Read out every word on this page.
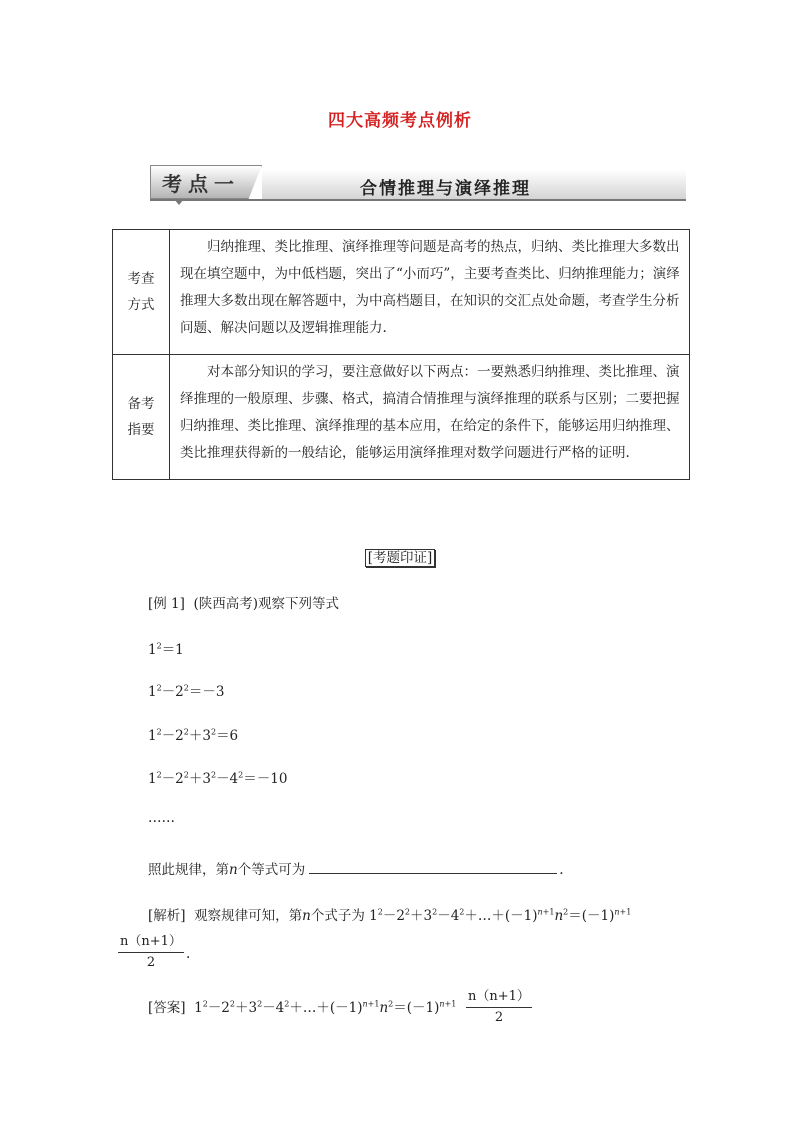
四大高频考点例析
考点一	合情推理与演绎推理
考查
方式	归纳推理、类比推理、演绎推理等问题是高考的热点，归纳、类比推理大多数出现在填空题中，为中低档题，突出了“小而巧”，主要考查类比、归纳推理能力；演绎推理大多数出现在解答题中，为中高档题目，在知识的交汇点处命题，考查学生分析问题、解决问题以及逻辑推理能力.
备考
指要	对本部分知识的学习，要注意做好以下两点：一要熟悉归纳推理、类比推理、演绎推理的一般原理、步骤、格式，搞清合情推理与演绎推理的联系与区别；二要把握归纳推理、类比推理、演绎推理的基本应用，在给定的条件下，能够运用归纳推理、类比推理获得新的一般结论，能够运用演绎推理对数学问题进行严格的证明.
[考题印证]
[例 1] (陕西高考)观察下列等式
$1^2=1$
$1^2-2^2=-3$
$1^2-2^2+3^2=6$
$1^2-2^2+3^2-4^2=-10$
……
照此规律，第n个等式可为	.
[解析] 观察规律可知，第n个式子为 $1^2-2^2+3^2-4^2+\dots+(-1)^{n+1}n^2=(-1)^{n+1}$
$\frac{n(n+1)}{2}$ .
[答案]  $1^2-2^2+3^2-4^2+\dots+(-1)^{n+1}n^2=(-1)^{n+1} \frac{n(n+1)}{2}$
